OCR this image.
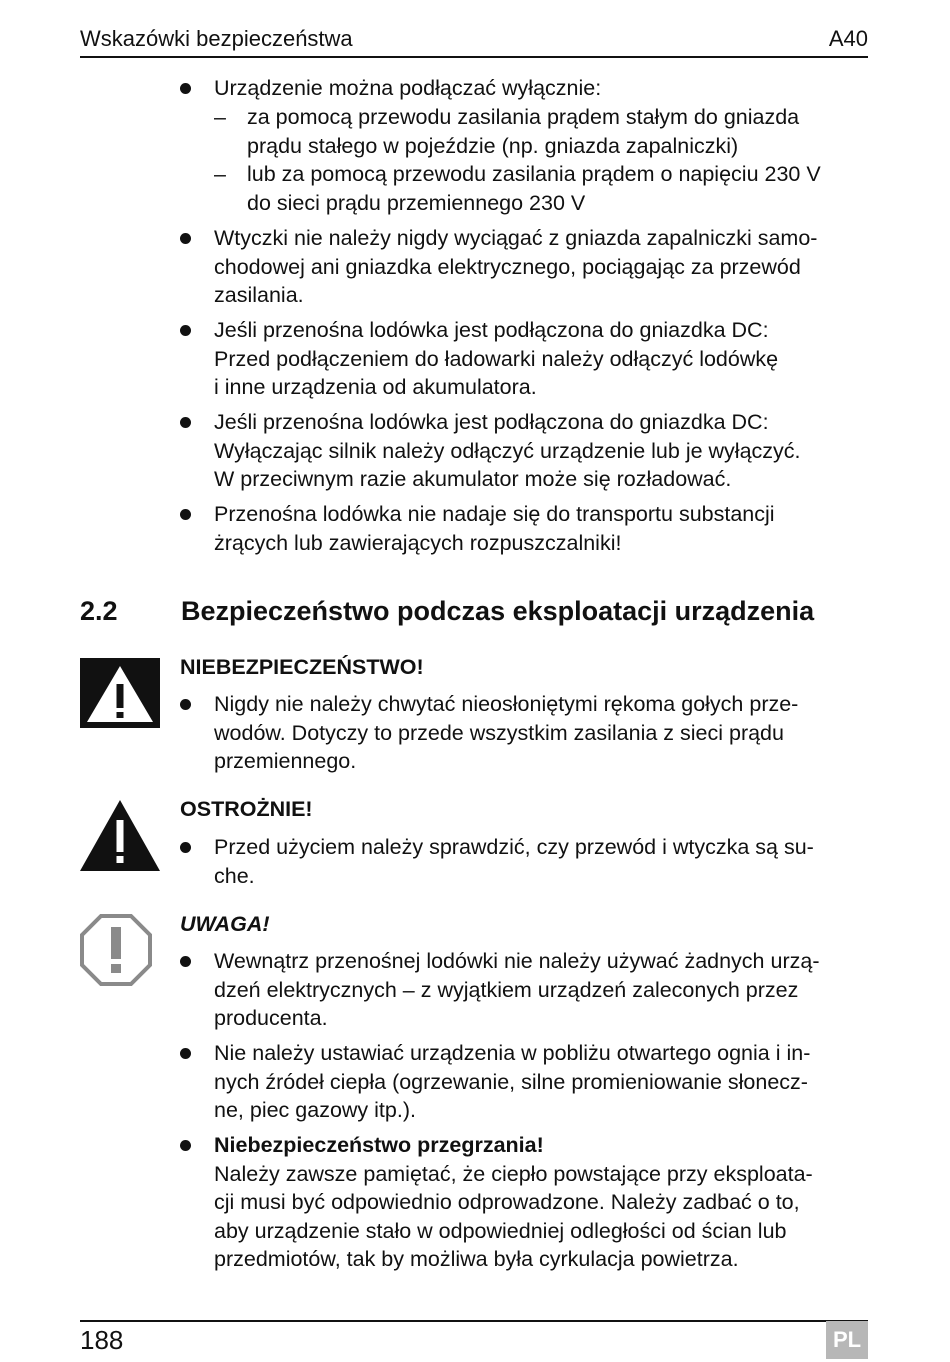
Wskazówki bezpieczeństwa	A40
Urządzenie można podłączać wyłącznie:
– za pomocą przewodu zasilania prądem stałym do gniazda
prądu stałego w pojeździe (np. gniazda zapalniczki)
– lub za pomocą przewodu zasilania prądem o napięciu 230 V
do sieci prądu przemiennego 230 V
Wtyczki nie należy nigdy wyciągać z gniazda zapalniczki samo-
chodowej ani gniazdka elektrycznego, pociągając za przewód
zasilania.
Jeśli przenośna lodówka jest podłączona do gniazdka DC:
Przed podłączeniem do ładowarki należy odłączyć lodówkę
i inne urządzenia od akumulatora.
Jeśli przenośna lodówka jest podłączona do gniazdka DC:
Wyłączając silnik należy odłączyć urządzenie lub je wyłączyć.
W przeciwnym razie akumulator może się rozładować.
Przenośna lodówka nie nadaje się do transportu substancji
żrących lub zawierających rozpuszczalniki!
2.2 Bezpieczeństwo podczas eksploatacji urządzenia
NIEBEZPIECZEŃSTWO!
Nigdy nie należy chwytać nieosłoniętymi rękoma gołych prze-
wodów. Dotyczy to przede wszystkim zasilania z sieci prądu
przemiennego.
OSTROŻNIE!
Przed użyciem należy sprawdzić, czy przewód i wtyczka są su-
che.
UWAGA!
Wewnątrz przenośnej lodówki nie należy używać żadnych urzą-
dzeń elektrycznych – z wyjątkiem urządzeń zaleconych przez
producenta.
Nie należy ustawiać urządzenia w pobliżu otwartego ognia i in-
nych źródeł ciepła (ogrzewanie, silne promieniowanie słonecz-
ne, piec gazowy itp.).
Niebezpieczeństwo przegrzania!
Należy zawsze pamiętać, że ciepło powstające przy eksploata-
cji musi być odpowiednio odprowadzone. Należy zadbać o to,
aby urządzenie stało w odpowiedniej odległości od ścian lub
przedmiotów, tak by możliwa była cyrkulacja powietrza.
188	PL
